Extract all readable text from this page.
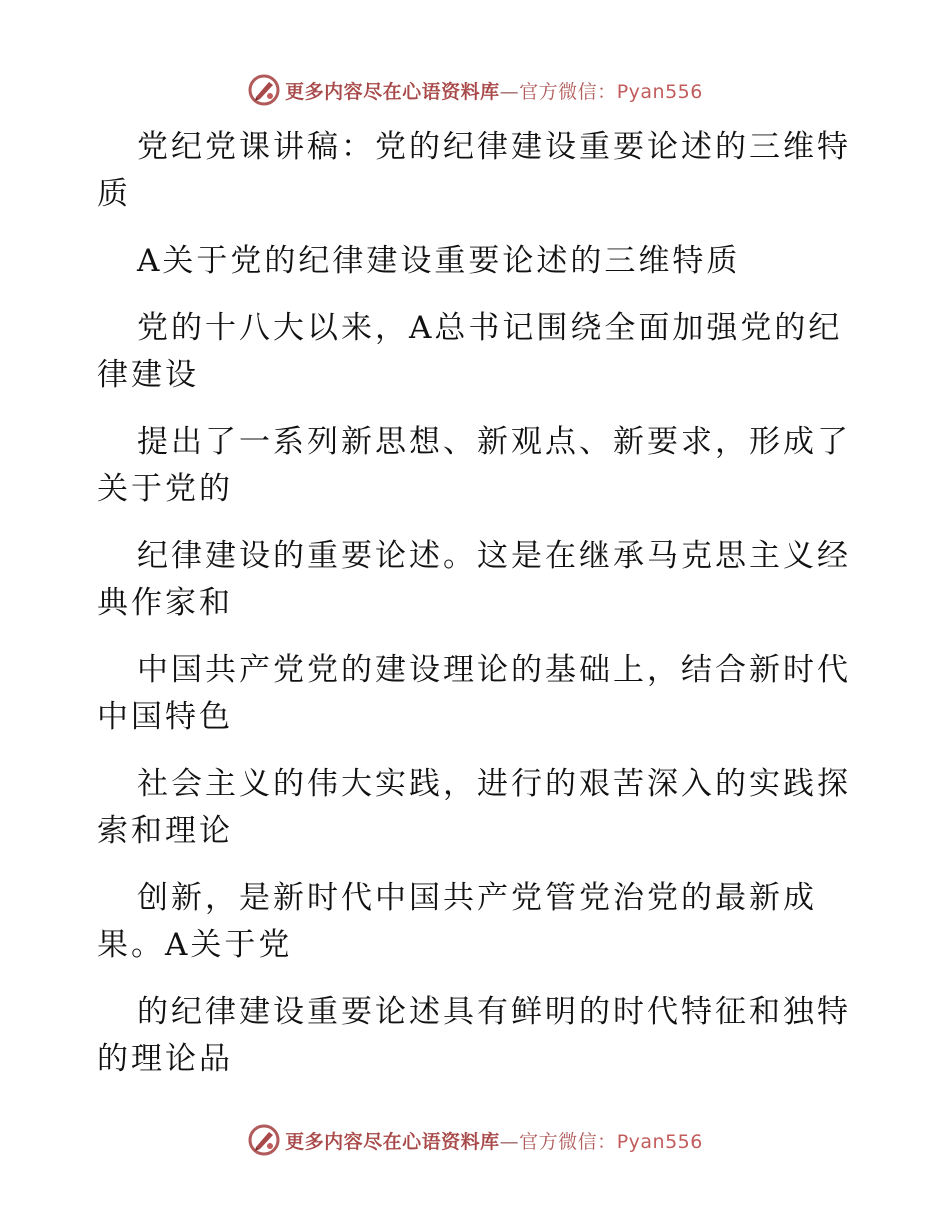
更多内容尽在心语资料库—官方微信：Pyan556

党纪党课讲稿：党的纪律建设重要论述的三维特质

A关于党的纪律建设重要论述的三维特质

党的十八大以来，A总书记围绕全面加强党的纪律建设

提出了一系列新思想、新观点、新要求，形成了关于党的

纪律建设的重要论述。这是在继承马克思主义经典作家和

中国共产党党的建设理论的基础上，结合新时代中国特色

社会主义的伟大实践，进行的艰苦深入的实践探索和理论

创新，是新时代中国共产党管党治党的最新成果。A关于党

的纪律建设重要论述具有鲜明的时代特征和独特的理论品

更多内容尽在心语资料库—官方微信：Pyan556
